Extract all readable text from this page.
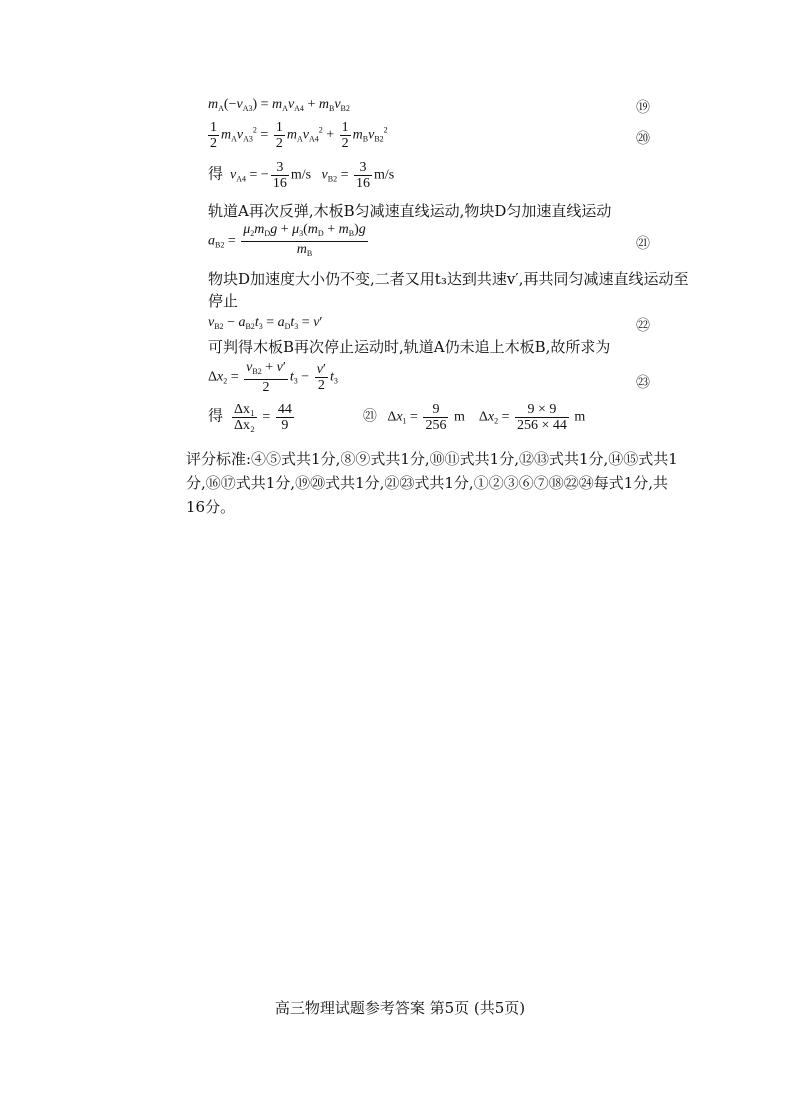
$m_A(-v_{A3}) = m_Av_{A4} + m_Bv_{B2}$	⑲
$\frac{1}{2} m_Av_{A3}^2 = \frac{1}{2} m_Av_{A4}^2 + \frac{1}{2} m_Bv_{B2}^2$
⑳
得 $v_{A4}$ = − $\frac{3}{16} m/s$ $v_{B2} = \frac{3}{16} m/s$
轨道A再次反弹,木板B匀减速直线运动,物块D匀加速直线运动
$a_{B2} = \frac{\mu_2m_Dg + \mu_3(m_D + m_B)g}{m_B}$	㉑
物块D加速度大小仍不变,二者又用t₃达到共速v′,再共同匀减速直线运动至
停止
$v_{B2} - a_{B2}t_3 = a_Dt_3 = v'$	㉒
可判得木板B再次停止运动时,轨道A仍未追上木板B,故所求为
$\Delta x_2 = \frac{v_{B2} + v'}{2} t_3 - \frac{v'}{2} t_3$	㉓
得 $\frac{\text{Δx₁}}{\text{Δx₂}} = \frac{44}{9}$	㉑   $\Delta x_1 = \frac{9}{256}$ m    $\Delta x_2 = \frac{9 \times 9}{256 \times 44}$ m
评分标准:④⑤式共1分,⑧⑨式共1分,⑩⑪式共1分,⑫⑬式共1分,⑭⑮式共1
分,⑯⑰式共1分,⑲⑳式共1分,㉑㉓式共1分,①②③⑥⑦⑱㉒㉔每式1分,共
16分。
高三物理试题参考答案 第5页 (共5页)
